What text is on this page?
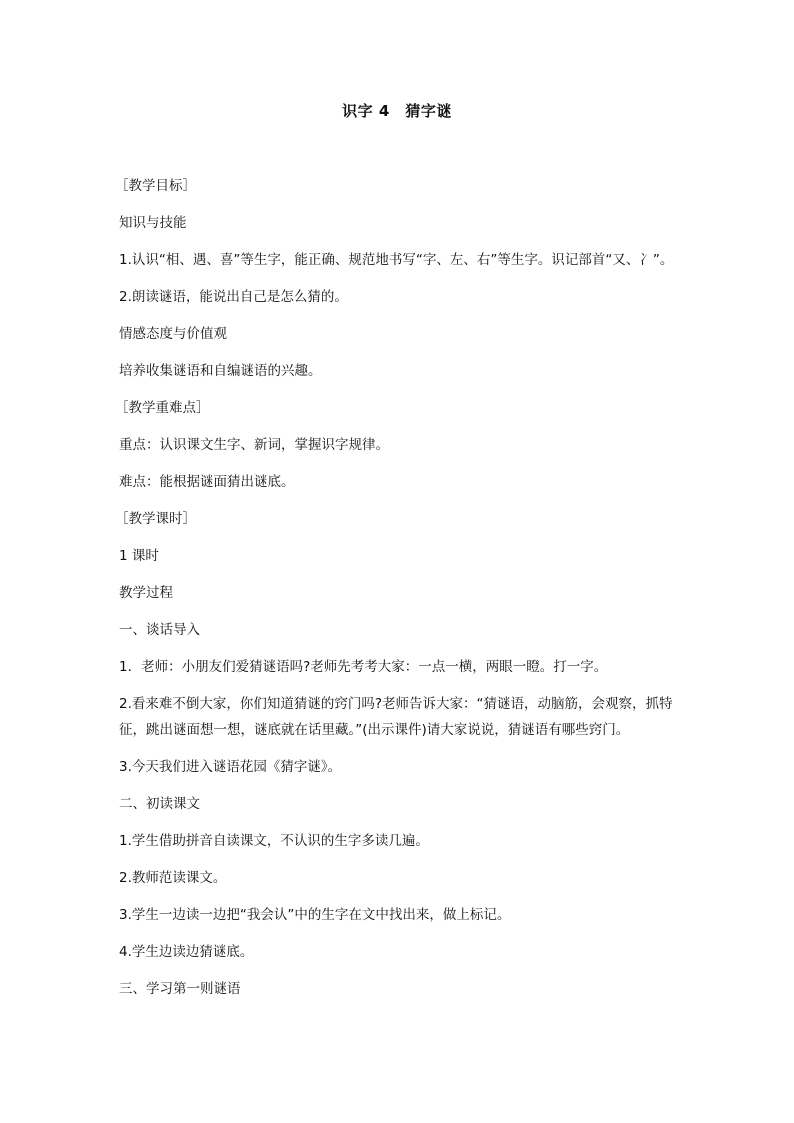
识字 4　猜字谜

［教学目标］

知识与技能

1.认识“相、遇、喜”等生字，能正确、规范地书写“字、左、右”等生字。识记部首“又、冫”。

2.朗读谜语，能说出自己是怎么猜的。

情感态度与价值观

培养收集谜语和自编谜语的兴趣。

［教学重难点］

重点：认识课文生字、新词，掌握识字规律。

难点：能根据谜面猜出谜底。

［教学课时］

1 课时

教学过程

一、谈话导入

1．老师：小朋友们爱猜谜语吗?老师先考考大家：一点一横，两眼一瞪。打一字。

2.看来难不倒大家，你们知道猜谜的窍门吗?老师告诉大家：“猜谜语，动脑筋，会观察，抓特征，跳出谜面想一想，谜底就在话里藏。”(出示课件)请大家说说，猜谜语有哪些窍门。

3.今天我们进入谜语花园《猜字谜》。

二、初读课文

1.学生借助拼音自读课文，不认识的生字多读几遍。

2.教师范读课文。

3.学生一边读一边把“我会认”中的生字在文中找出来，做上标记。

4.学生边读边猜谜底。

三、学习第一则谜语
